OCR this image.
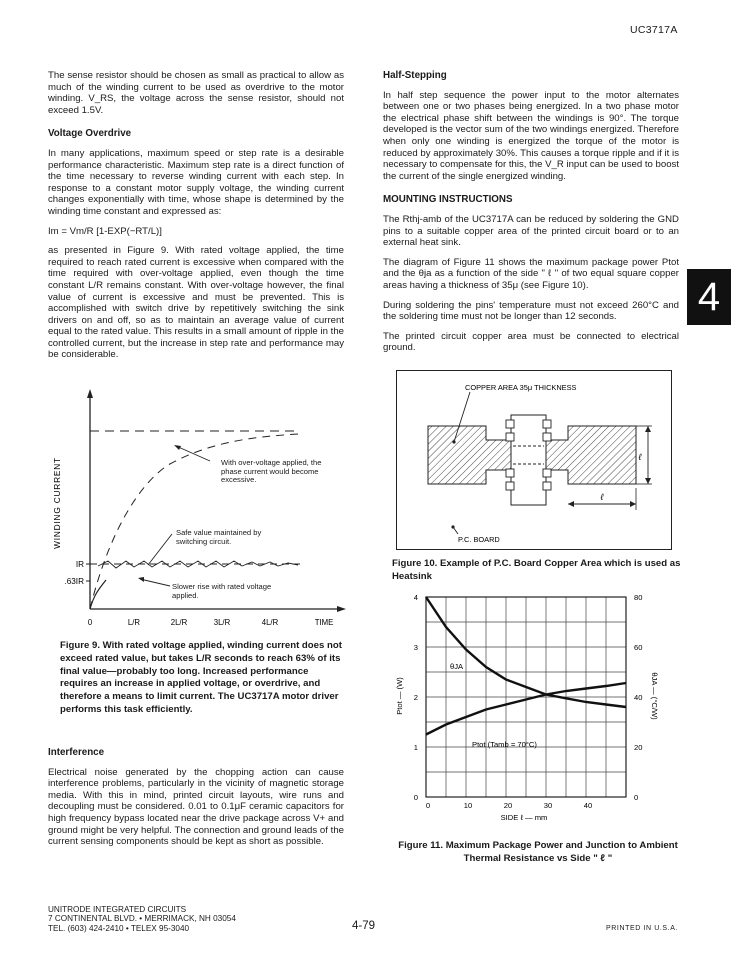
UC3717A

The sense resistor should be chosen as small as practical to allow as much of the winding current to be used as overdrive to the motor winding. V_RS, the voltage across the sense resistor, should not exceed 1.5V.

Voltage Overdrive

In many applications, maximum speed or step rate is a desirable performance characteristic. Maximum step rate is a direct function of the time necessary to reverse winding current with each step. In response to a constant motor supply voltage, the winding current changes exponentially with time, whose shape is determined by the winding time constant and expressed as:

Im = Vm/R [1-EXP(−RT/L)]

as presented in Figure 9. With rated voltage applied, the time required to reach rated current is excessive when compared with the time required with over-voltage applied, even though the time constant L/R remains constant. With over-voltage however, the final value of current is excessive and must be prevented. This is accomplished with switch drive by repetitively switching the sink drivers on and off, so as to maintain an average value of current equal to the rated value. This results in a small amount of ripple in the controlled current, but the increase in step rate and performance may be considerable.

Half-Stepping

In half step sequence the power input to the motor alternates between one or two phases being energized. In a two phase motor the electrical phase shift between the windings is 90°. The torque developed is the vector sum of the two windings energized. Therefore when only one winding is energized the torque of the motor is reduced by approximately 30%. This causes a torque ripple and if it is necessary to compensate for this, the V_R input can be used to boost the current of the single energized winding.

MOUNTING INSTRUCTIONS

The Rthj-amb of the UC3717A can be reduced by soldering the GND pins to a suitable copper area of the printed circuit board or to an external heat sink.

The diagram of Figure 11 shows the maximum package power Ptot and the θja as a function of the side " ℓ " of two equal square copper areas having a thickness of 35μ (see Figure 10).

During soldering the pins' temperature must not exceed 260°C and the soldering time must not be longer than 12 seconds.

The printed circuit copper area must be connected to electrical ground.

4
WINDING CURRENT
IR
.63IR
0	L/R	2L/R	3L/R	4L/R	TIME
With over-voltage applied, the phase current would become excessive.
Safe value maintained by switching circuit.
Slower rise with rated voltage applied.
Figure 9. With rated voltage applied, winding current does not exceed rated value, but takes L/R seconds to reach 63% of its final value—probably too long. Increased performance requires an increase in applied voltage, or overdrive, and therefore a means to limit current. The UC3717A motor driver performs this task efficiently.
Interference

Electrical noise generated by the chopping action can cause interference problems, particularly in the vicinity of magnetic storage media. With this in mind, printed circuit layouts, wire runs and decoupling must be considered. 0.01 to 0.1μF ceramic capacitors for high frequency bypass located near the drive package across V+ and ground might be very helpful. The connection and ground leads of the current sensing components should be kept as short as possible.

ℓ
ℓ
COPPER AREA 35μ THICKNESS
P.C. BOARD
Figure 10. Example of P.C. Board Copper Area which is used as Heatsink
0
1
2
3
4
0
20
40
60
80
0	10	20	30	40
θJA
Ptot (Tamb = 70°C)
Ptot — (W)	θJA — (°C/W)
SIDE ℓ — mm
Figure 11. Maximum Package Power and Junction to Ambient Thermal Resistance vs Side " ℓ "
UNITRODE INTEGRATED CIRCUITS
7 CONTINENTAL BLVD. • MERRIMACK, NH 03054
TEL. (603) 424-2410 • TELEX 95-3040	4-79	PRINTED IN U.S.A.
